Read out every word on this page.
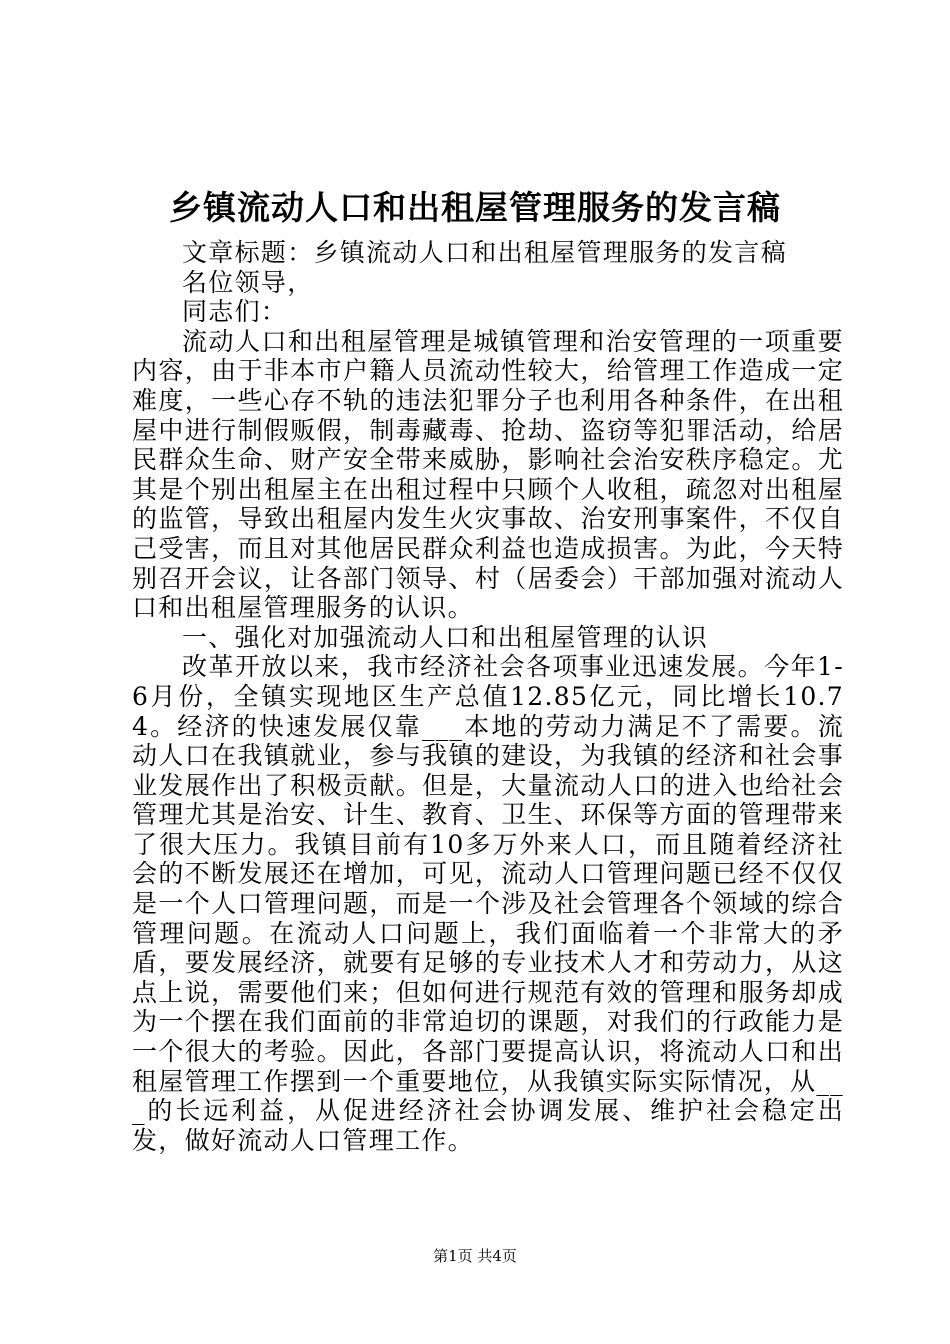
乡镇流动人口和出租屋管理服务的发言稿

文章标题：乡镇流动人口和出租屋管理服务的发言稿

名位领导，

同志们：

流动人口和出租屋管理是城镇管理和治安管理的一项重要内容，由于非本市户籍人员流动性较大，给管理工作造成一定难度，一些心存不轨的违法犯罪分子也利用各种条件，在出租屋中进行制假贩假，制毒藏毒、抢劫、盗窃等犯罪活动，给居民群众生命、财产安全带来威胁，影响社会治安秩序稳定。尤其是个别出租屋主在出租过程中只顾个人收租，疏忽对出租屋的监管，导致出租屋内发生火灾事故、治安刑事案件，不仅自己受害，而且对其他居民群众利益也造成损害。为此，今天特别召开会议，让各部门领导、村（居委会）干部加强对流动人口和出租屋管理服务的认识。

一、强化对加强流动人口和出租屋管理的认识

改革开放以来，我市经济社会各项事业迅速发展。今年1-6月份，全镇实现地区生产总值12.85亿元，同比增长10.74。经济的快速发展仅靠___本地的劳动力满足不了需要。流动人口在我镇就业，参与我镇的建设，为我镇的经济和社会事业发展作出了积极贡献。但是，大量流动人口的进入也给社会管理尤其是治安、计生、教育、卫生、环保等方面的管理带来了很大压力。我镇目前有10多万外来人口，而且随着经济社会的不断发展还在增加，可见，流动人口管理问题已经不仅仅是一个人口管理问题，而是一个涉及社会管理各个领域的综合管理问题。在流动人口问题上，我们面临着一个非常大的矛盾，要发展经济，就要有足够的专业技术人才和劳动力，从这点上说，需要他们来；但如何进行规范有效的管理和服务却成为一个摆在我们面前的非常迫切的课题，对我们的行政能力是一个很大的考验。因此，各部门要提高认识，将流动人口和出租屋管理工作摆到一个重要地位，从我镇实际实际情况，从___的长远利益，从促进经济社会协调发展、维护社会稳定出发，做好流动人口管理工作。

第1页 共4页
